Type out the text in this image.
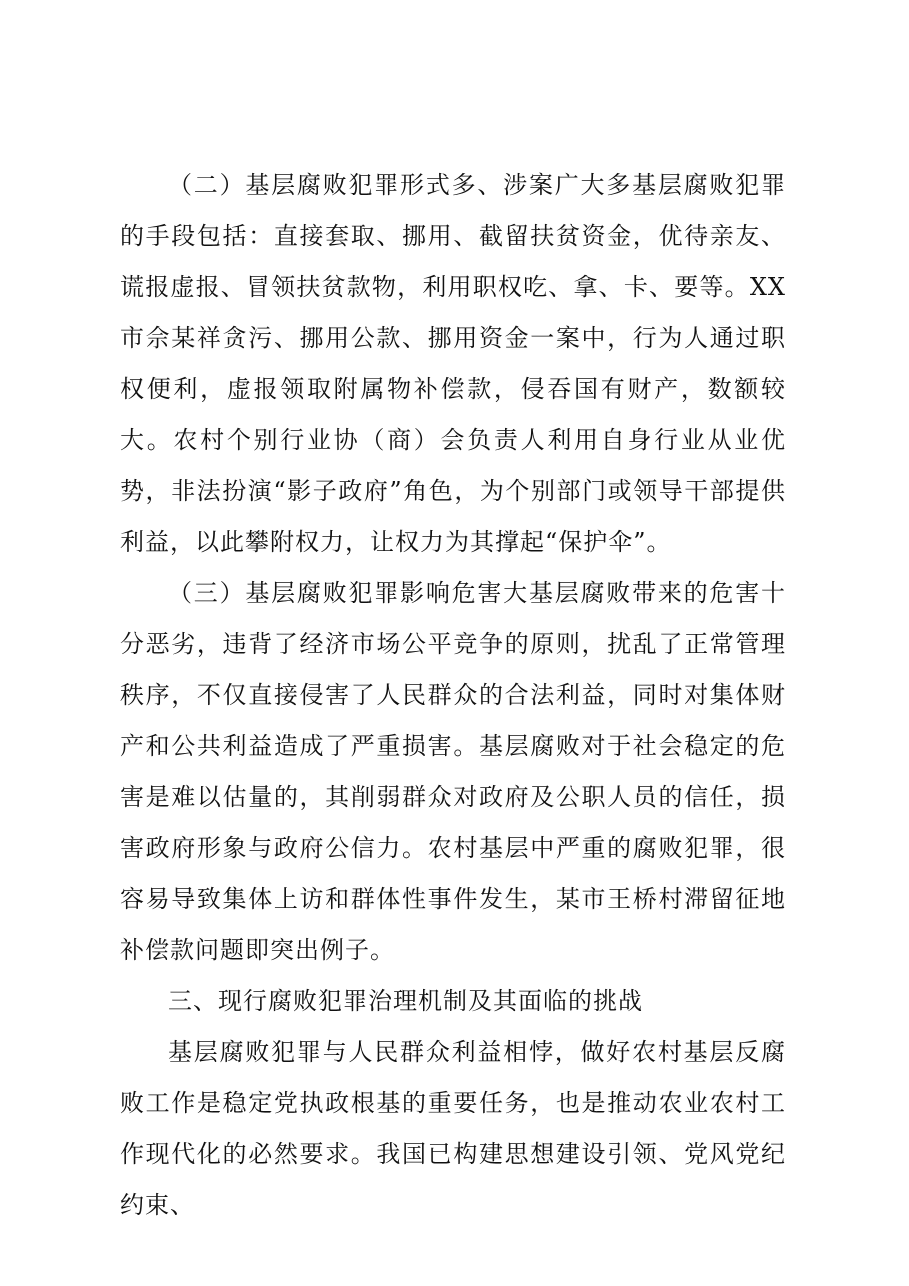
（二）基层腐败犯罪形式多、涉案广大多基层腐败犯罪的手段包括：直接套取、挪用、截留扶贫资金，优待亲友、谎报虚报、冒领扶贫款物，利用职权吃、拿、卡、要等。XX市佘某祥贪污、挪用公款、挪用资金一案中，行为人通过职权便利，虚报领取附属物补偿款，侵吞国有财产，数额较大。农村个别行业协（商）会负责人利用自身行业从业优势，非法扮演“影子政府”角色，为个别部门或领导干部提供利益，以此攀附权力，让权力为其撑起“保护伞”。

（三）基层腐败犯罪影响危害大基层腐败带来的危害十分恶劣，违背了经济市场公平竞争的原则，扰乱了正常管理秩序，不仅直接侵害了人民群众的合法利益，同时对集体财产和公共利益造成了严重损害。基层腐败对于社会稳定的危害是难以估量的，其削弱群众对政府及公职人员的信任，损害政府形象与政府公信力。农村基层中严重的腐败犯罪，很容易导致集体上访和群体性事件发生，某市王桥村滞留征地补偿款问题即突出例子。

三、现行腐败犯罪治理机制及其面临的挑战

基层腐败犯罪与人民群众利益相悖，做好农村基层反腐败工作是稳定党执政根基的重要任务，也是推动农业农村工作现代化的必然要求。我国已构建思想建设引领、党风党纪约束、
